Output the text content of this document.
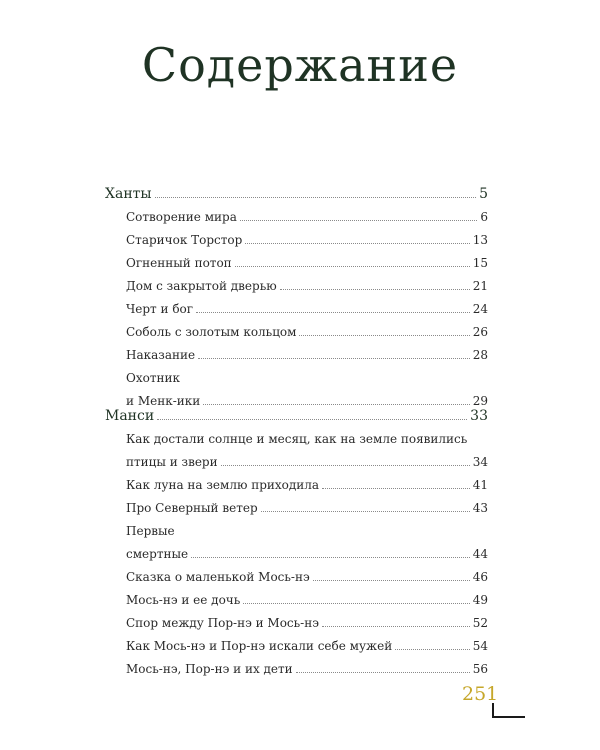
Содержание
Ханты	5
Сотворение мира	6
Старичок Торстор	13
Огненный потоп	15
Дом с закрытой дверью	21
Черт и бог	24
Соболь с золотым кольцом	26
Наказание	28
Охотник
и Менк-ики	29
Манси	33
Как достали солнце и месяц, как на земле появились
птицы и звери	34
Как луна на землю приходила	41
Про Северный ветер	43
Первые
смертные	44
Сказка о маленькой Мось-нэ	46
Мось-нэ и ее дочь	49
Спор между Пор-нэ и Мось-нэ	52
Как Мось-нэ и Пор-нэ искали себе мужей	54
Мось-нэ, Пор-нэ и их дети	56
251
